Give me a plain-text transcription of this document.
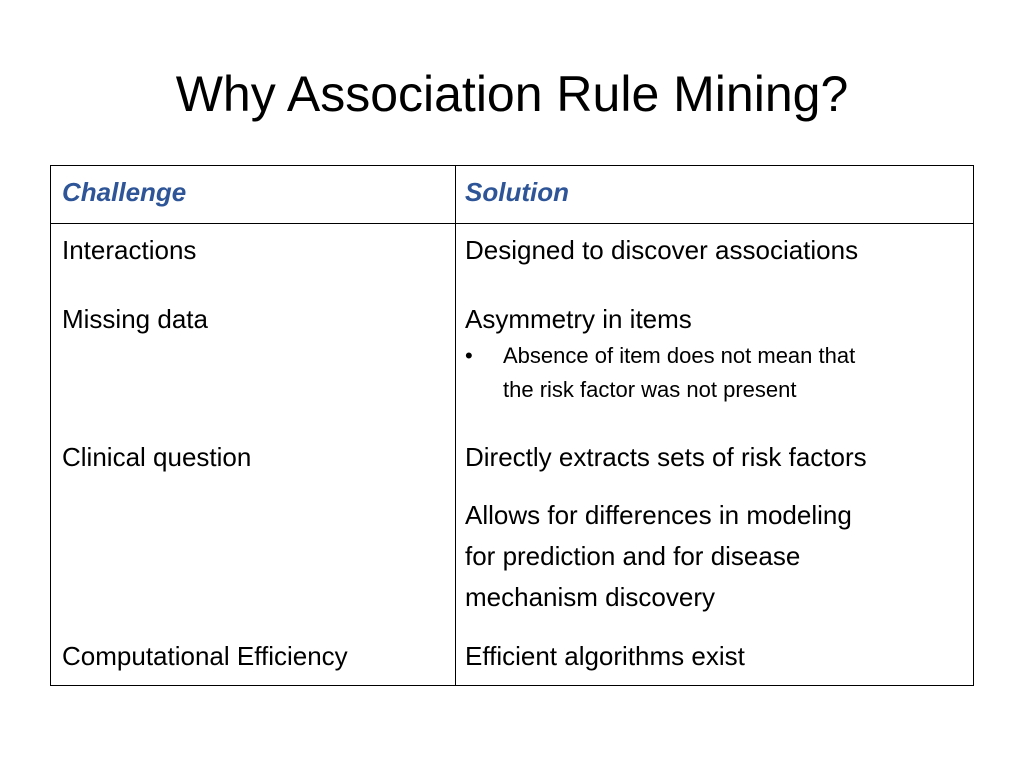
Why Association Rule Mining?
Challenge	Solution
Interactions	Designed to discover associations
Missing data	Asymmetry in items
• Absence of item does not mean that
the risk factor was not present
Clinical question	Directly extracts sets of risk factors
Allows for differences in modeling
for prediction and for disease
mechanism discovery
Computational Efficiency	Efficient algorithms exist
